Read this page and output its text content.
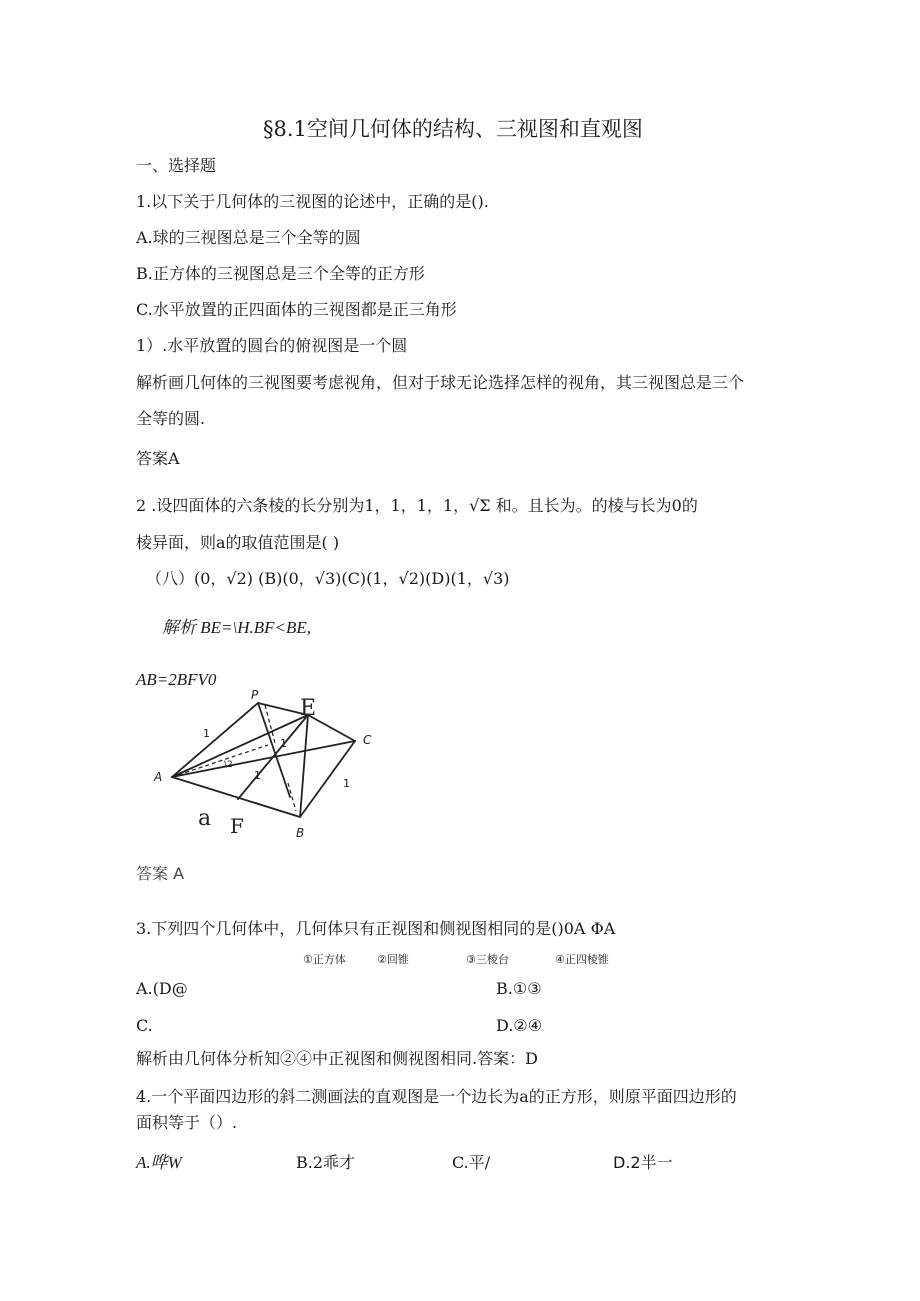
§8.1空间几何体的结构、三视图和直观图
一、选择题
1.以下关于几何体的三视图的论述中，正确的是().
A.球的三视图总是三个全等的圆
B.正方体的三视图总是三个全等的正方形
C.水平放置的正四面体的三视图都是正三角形
1）.水平放置的圆台的俯视图是一个圆
解析画几何体的三视图要考虑视角，但对于球无论选择怎样的视角，其三视图总是三个
全等的圆.
答案A
2 .设四面体的六条棱的长分别为1，1，1，1，√Σ 和。且长为。的棱与长为0的
棱异面，则a的取值范围是( )
（八）(0，√2) (B)(0，√3)(C)(1，√2)(D)(1，√3)
解析 BE=\H.BF<BE,
AB=2BFV0
P
E
C
A
B
F
a
1
1
1
1
\2
答案 A
3.下列四个几何体中，几何体只有正视图和侧视图相同的是()0A ΦA
①正方体	②回锥	③三棱台	④正四棱锥
A.(D@	B.①③
C.	D.②④
解析由几何体分析知②④中正视图和侧视图相同.答案：D
4.一个平面四边形的斜二测画法的直观图是一个边长为a的正方形，则原平面四边形的
面积等于（）.
A.哗W	B.2乖才	C.平/	D.2半一
